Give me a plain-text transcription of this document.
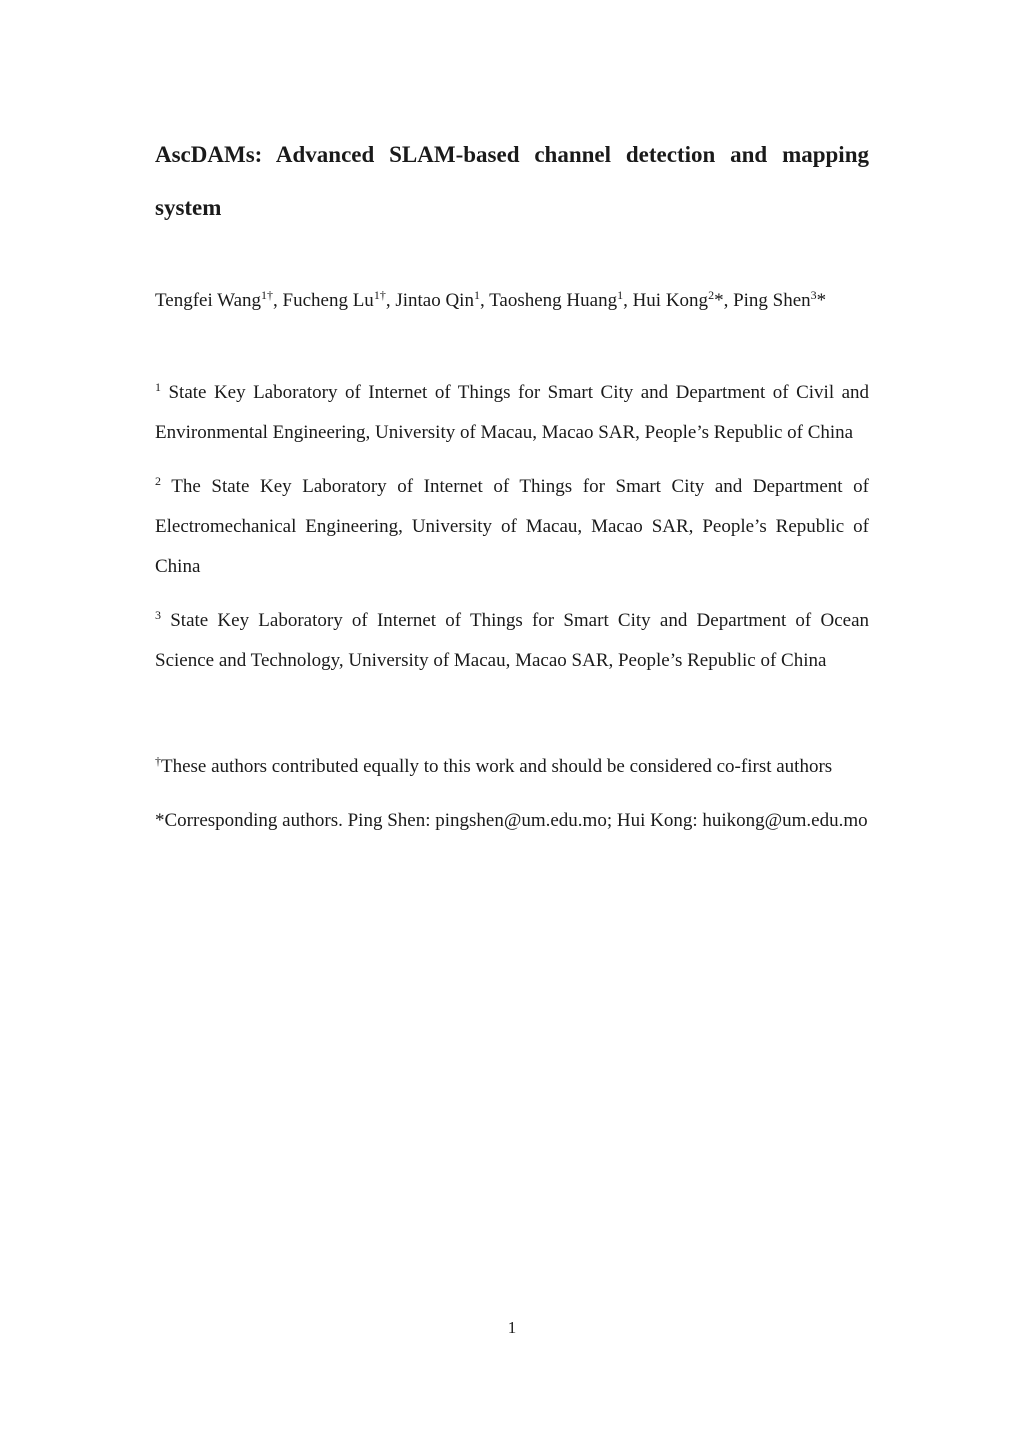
AscDAMs: Advanced SLAM-based channel detection and mapping system
Tengfei Wang$^{1\dagger}$, Fucheng $Lu^{1\dagger}$, Jintao Qin$^1$, Taosheng Huang$^1$, Hui Kong$^2$*, Ping Shen$^3$*
$^1$ State Key Laboratory of Internet of Things for Smart City and Department of Civil and Environmental Engineering, University of Macau, Macao SAR, People’s Republic of China
$^2$ The State Key Laboratory of Internet of Things for Smart City and Department of Electromechanical Engineering, University of Macau, Macao SAR, People’s Republic of China
$^3$ State Key Laboratory of Internet of Things for Smart City and Department of Ocean Science and Technology, University of Macau, Macao SAR, People’s Republic of China
†These authors contributed equally to this work and should be considered co-first authors
*Corresponding authors. Ping Shen: pingshen@um.edu.mo; Hui Kong: huikong@um.edu.mo
1
